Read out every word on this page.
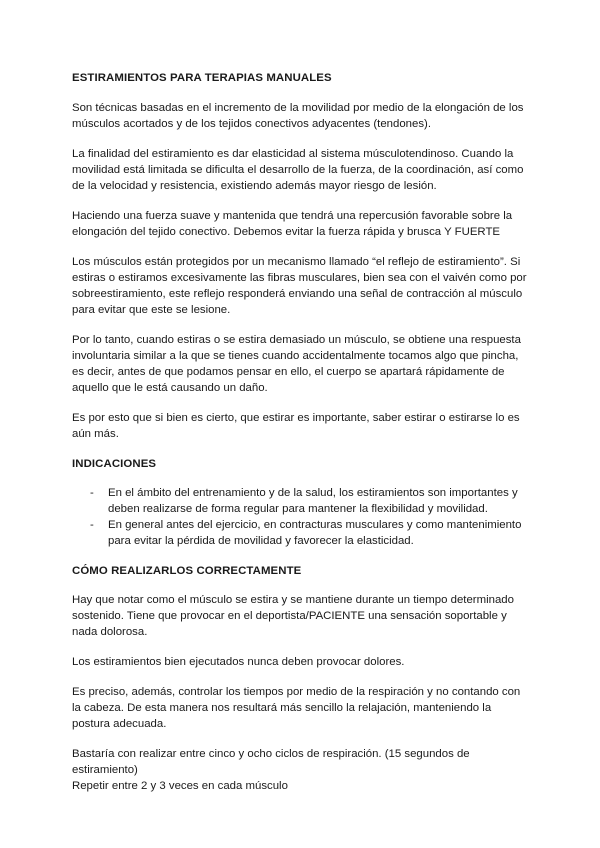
ESTIRAMIENTOS PARA TERAPIAS MANUALES

Son técnicas basadas en el incremento de la movilidad por medio de la elongación de los músculos acortados y de los tejidos conectivos adyacentes (tendones).

La finalidad del estiramiento es dar elasticidad al sistema músculotendinoso. Cuando la movilidad está limitada se dificulta el desarrollo de la fuerza, de la coordinación, así como de la velocidad y resistencia, existiendo además mayor riesgo de lesión.

Haciendo una fuerza suave y mantenida que tendrá una repercusión favorable sobre la elongación del tejido conectivo. Debemos evitar la fuerza rápida y brusca Y FUERTE

Los músculos están protegidos por un mecanismo llamado “el reflejo de estiramiento”. Si estiras o estiramos excesivamente las fibras musculares, bien sea con el vaivén como por sobreestiramiento, este reflejo responderá enviando una señal de contracción al músculo para evitar que este se lesione.

Por lo tanto, cuando estiras o se estira demasiado un músculo, se obtiene una respuesta involuntaria similar a la que se tienes cuando accidentalmente tocamos algo que pincha, es decir, antes de que podamos pensar en ello, el cuerpo se apartará rápidamente de aquello que le está causando un daño.

Es por esto que si bien es cierto, que estirar es importante, saber estirar o estirarse lo es aún más.

INDICACIONES
- En el ámbito del entrenamiento y de la salud, los estiramientos son importantes y deben realizarse de forma regular para mantener la flexibilidad y movilidad.
- En general antes del ejercicio, en contracturas musculares y como mantenimiento para evitar la pérdida de movilidad y favorecer la elasticidad.
CÓMO REALIZARLOS CORRECTAMENTE

Hay que notar como el músculo se estira y se mantiene durante un tiempo determinado sostenido. Tiene que provocar en el deportista/PACIENTE una sensación soportable y nada dolorosa.

Los estiramientos bien ejecutados nunca deben provocar dolores.

Es preciso, además, controlar los tiempos por medio de la respiración y no contando con la cabeza. De esta manera nos resultará más sencillo la relajación, manteniendo la postura adecuada.

Bastaría con realizar entre cinco y ocho ciclos de respiración. (15 segundos de estiramiento)

Repetir entre 2 y 3 veces en cada músculo
